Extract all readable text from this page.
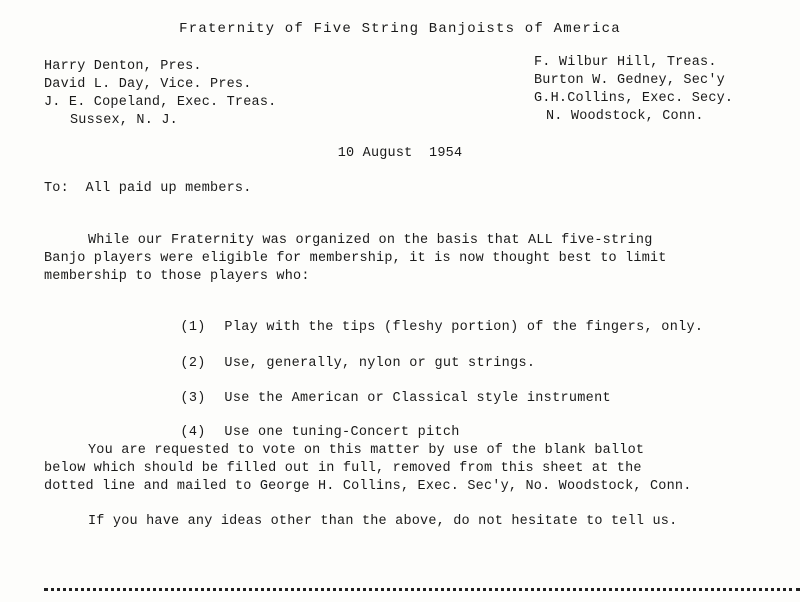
Fraternity of Five String Banjoists of America
Harry Denton, Pres.
David L. Day, Vice. Pres.
J. E. Copeland, Exec. Treas.
Sussex, N. J.
F. Wilbur Hill, Treas.
Burton W. Gedney, Sec'y
G.H.Collins, Exec. Secy.
N. Woodstock, Conn.
10 August  1954
To:  All paid up members.
While our Fraternity was organized on the basis that ALL five-string
Banjo players were eligible for membership, it is now thought best to limit
membership to those players who:

(1) Play with the tips (fleshy portion) of the fingers, only.

(2) Use, generally, nylon or gut strings.

(3) Use the American or Classical style instrument

(4) Use one tuning-Concert pitch

You are requested to vote on this matter by use of the blank ballot
below which should be filled out in full, removed from this sheet at the
dotted line and mailed to George H. Collins, Exec. Sec'y, No. Woodstock, Conn.
If you have any ideas other than the above, do not hesitate to tell us.
